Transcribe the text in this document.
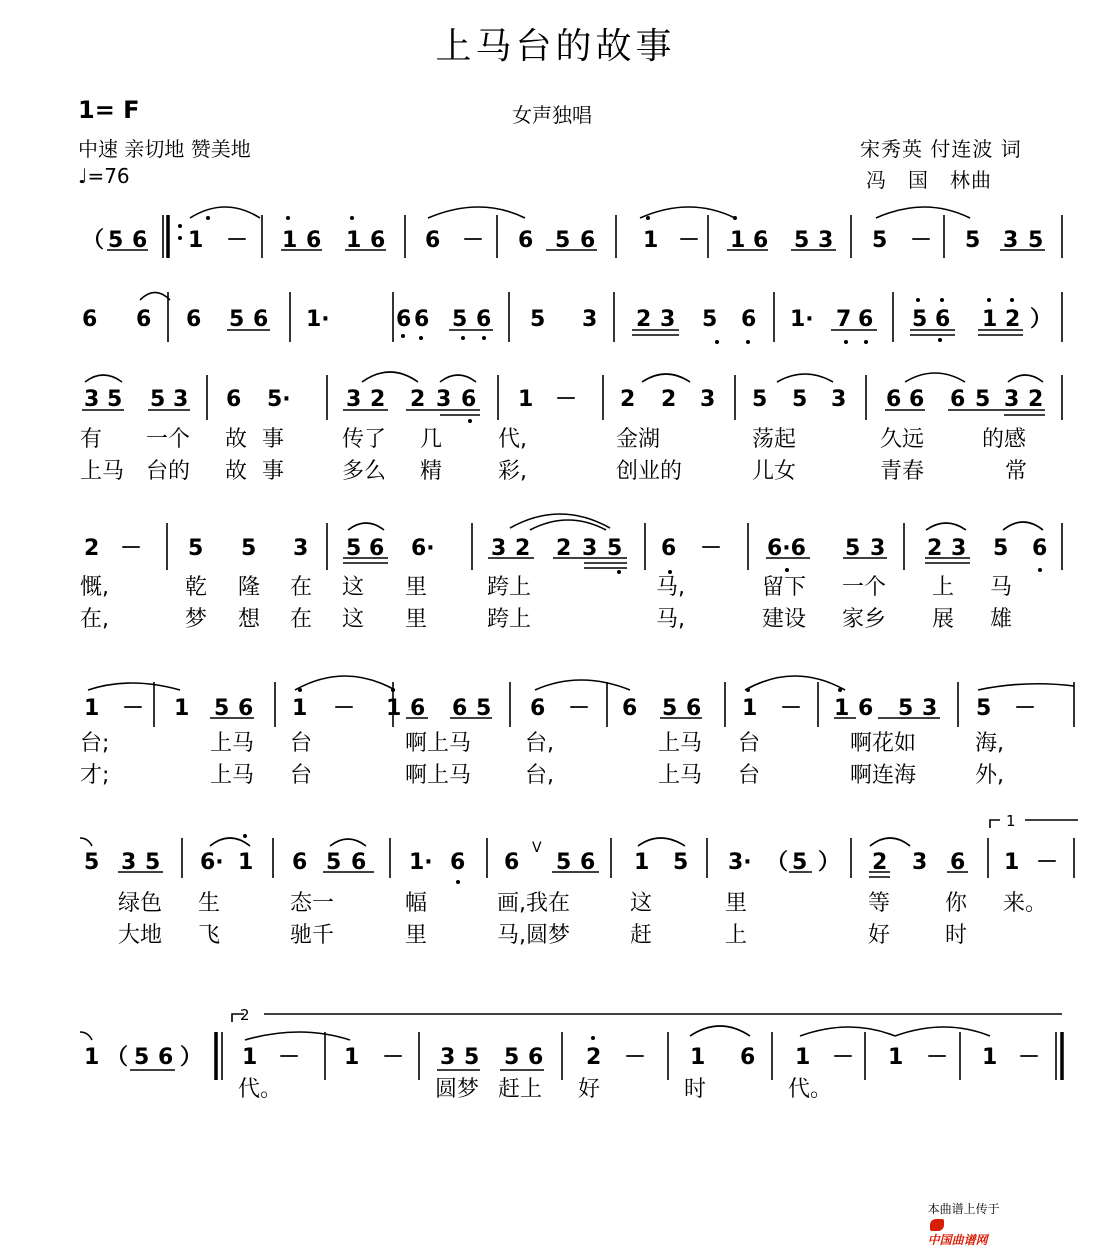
上马台的故事
1= F	女声独唱
中速 亲切地 赞美地
♩=76
宋秀英 付连波 词
冯　国　林曲
（ 5 6 1 － 1 6 1 6 6 － 6 5 6 1 － 1 6 5 3 5 － 5 3 5
6 6 6 5 6 1·	6 6 5 6 5 3 2 3 5 6 1· 7 6 5 6 1 2 ）
3 5 5 3 6 5·	3 2 2 3 6 1 － 2 2 3 5 5 3 6 6 6 5 3 2
2 － 5 5 3 5 6 6·	3 2 2 3 5 6 － 6·6 5 3 2 3 5 6
1 － 1 5 6 1 － 1 6 6 5 6 － 6 5 6 1 － 1 6 5 3 5 －
5 3 5 6· 1 6 5 6 1· 6 6
V
5 6 1 5 3· （ 5 ） 2 3 6 1 －
1
1 （ 5 6 ） 1 － 1 － 3 5 5 6 2 － 1 6 1 － 1 － 1 －
2
有 一个 故 事	传了 几	代,	金湖	荡起	久远	的感
上马 台的 故 事	多么 精	彩,	创业的	儿女	青春	常
慨,	乾 隆 在 这 里	跨上	马,	留下 一个 上 马
在,	梦 想 在 这 里	跨上	马,	建设 家乡 展 雄
台;	上马 台	啊上马 台,	上马 台	啊花如	海,
才;	上马 台	啊上马 台,	上马 台	啊连海	外,
绿色 生	态一	幅	画,我在	这	里	等 你 来。
大地 飞	驰千	里	马,圆梦	赶	上	好 时
代。	圆梦 赶上 好	时	代。

本曲谱上传于

中国曲谱网
